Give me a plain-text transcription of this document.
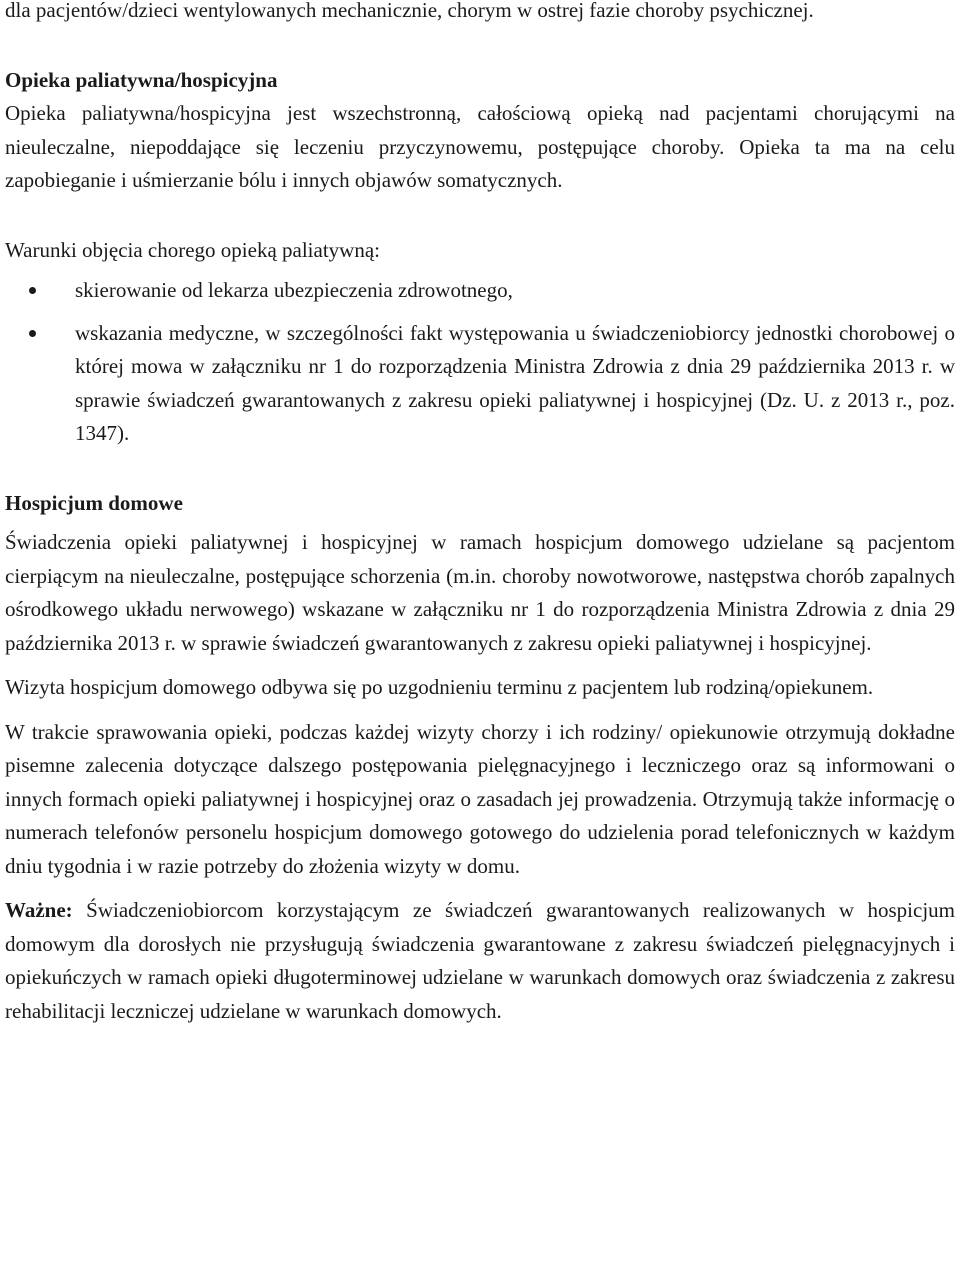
dla pacjentów/dzieci wentylowanych mechanicznie, chorym w ostrej fazie choroby psychicznej.

Opieka paliatywna/hospicyjna

Opieka paliatywna/hospicyjna jest wszechstronną, całościową opieką nad pacjentami chorującymi na nieuleczalne, niepoddające się leczeniu przyczynowemu, postępujące choroby. Opieka ta ma na celu zapobieganie i uśmierzanie bólu i innych objawów somatycznych.

Warunki objęcia chorego opieką paliatywną:

skierowanie od lekarza ubezpieczenia zdrowotnego,
wskazania medyczne, w szczególności fakt występowania u świadczeniobiorcy jednostki chorobowej o której mowa w załączniku nr 1 do rozporządzenia Ministra Zdrowia z dnia 29 października 2013 r. w sprawie świadczeń gwarantowanych z zakresu opieki paliatywnej i hospicyjnej (Dz. U. z 2013 r., poz. 1347).

Hospicjum domowe

Świadczenia opieki paliatywnej i hospicyjnej w ramach hospicjum domowego udzielane są pacjentom cierpiącym na nieuleczalne, postępujące schorzenia (m.in. choroby nowotworowe, następstwa chorób zapalnych ośrodkowego układu nerwowego) wskazane w załączniku nr 1 do rozporządzenia Ministra Zdrowia z dnia 29 października 2013 r. w sprawie świadczeń gwarantowanych z zakresu opieki paliatywnej i hospicyjnej.

Wizyta hospicjum domowego odbywa się po uzgodnieniu terminu z pacjentem lub rodziną/opiekunem.

W trakcie sprawowania opieki, podczas każdej wizyty chorzy i ich rodziny/ opiekunowie otrzymują dokładne pisemne zalecenia dotyczące dalszego postępowania pielęgnacyjnego i leczniczego oraz są informowani o innych formach opieki paliatywnej i hospicyjnej oraz o zasadach jej prowadzenia. Otrzymują także informację o numerach telefonów personelu hospicjum domowego gotowego do udzielenia porad telefonicznych w każdym dniu tygodnia i w razie potrzeby do złożenia wizyty w domu.

Ważne: Świadczeniobiorcom korzystającym ze świadczeń gwarantowanych realizowanych w hospicjum domowym dla dorosłych nie przysługują świadczenia gwarantowane z zakresu świadczeń pielęgnacyjnych i opiekuńczych w ramach opieki długoterminowej udzielane w warunkach domowych oraz świadczenia z zakresu rehabilitacji leczniczej udzielane w warunkach domowych.
